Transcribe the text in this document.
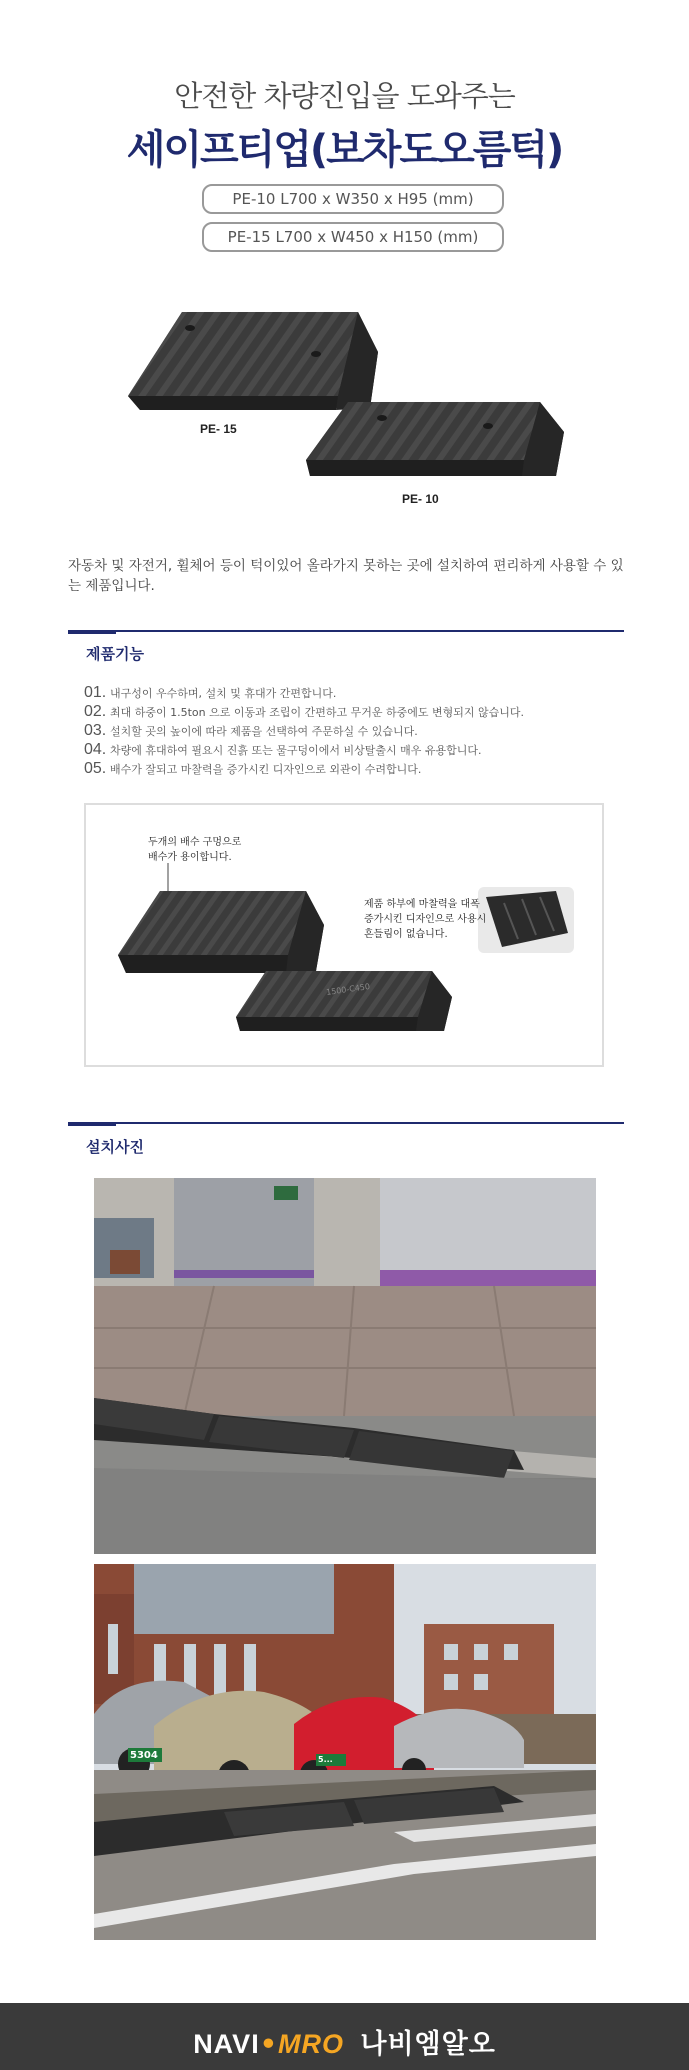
안전한 차량진입을 도와주는
세이프티업(보차도오름턱)
PE-10 L700 x W350 x H95 (mm)
PE-15 L700 x W450 x H150 (mm)
PE- 15
PE- 10
자동차 및 자전거, 휠체어 등이 턱이있어 올라가지 못하는 곳에 설치하여 편리하게 사용할 수 있는 제품입니다.
제품기능
01. 내구성이 우수하며, 설치 및 휴대가 간편합니다.
02. 최대 하중이 1.5ton 으로 이동과 조립이 간편하고 무거운 하중에도 변형되지 않습니다.
03. 설치할 곳의 높이에 따라 제품을 선택하여 주문하실 수 있습니다.
04. 차량에 휴대하여 필요시 진흙 또는 물구덩이에서 비상탈출시 매우 유용합니다.
05. 배수가 잘되고 마찰력을 증가시킨 디자인으로 외관이 수려합니다.
두개의 배수 구멍으로
배수가 용이합니다.
제품 하부에 마찰력을 대폭
증가시킨 디자인으로 사용시
흔들림이 없습니다.
1500-C450
설치사진
5304	5...
NAVI•MRO 나비엠알오
